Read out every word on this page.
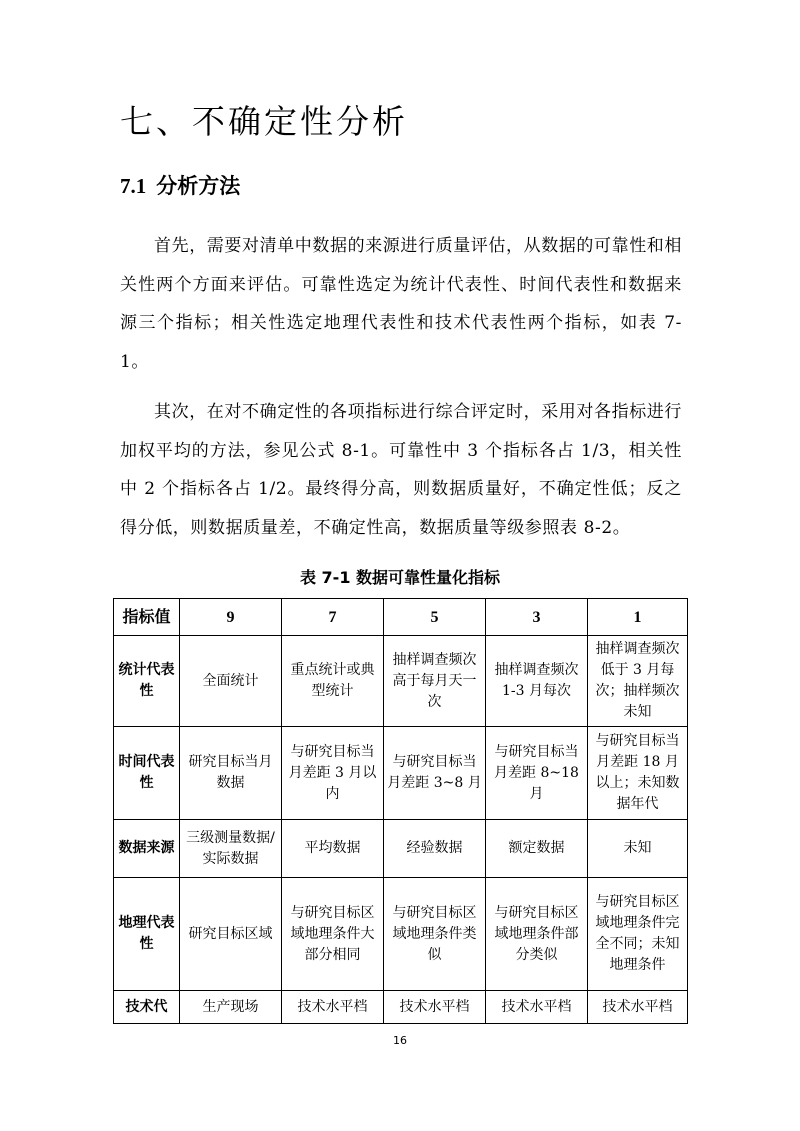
七、不确定性分析
7.1 分析方法

首先，需要对清单中数据的来源进行质量评估，从数据的可靠性和相关性两个方面来评估。可靠性选定为统计代表性、时间代表性和数据来源三个指标；相关性选定地理代表性和技术代表性两个指标，如表 7-1。

其次，在对不确定性的各项指标进行综合评定时，采用对各指标进行加权平均的方法，参见公式 8-1。可靠性中 3 个指标各占 1/3，相关性中 2 个指标各占 1/2。最终得分高，则数据质量好，不确定性低；反之得分低，则数据质量差，不确定性高，数据质量等级参照表 8-2。

表 7-1 数据可靠性量化指标

指标值	9	7	5	3	1
统计代表性	全面统计	重点统计或典型统计	抽样调查频次高于每月天一次	抽样调查频次 1-3 月每次	抽样调查频次低于 3 月每次；抽样频次未知
时间代表性	研究目标当月数据	与研究目标当月差距 3 月以内	与研究目标当月差距 3~8 月	与研究目标当月差距 8~18 月	与研究目标当月差距 18 月以上；未知数据年代
数据来源	三级测量数据/实际数据	平均数据	经验数据	额定数据	未知
地理代表性	研究目标区域	与研究目标区域地理条件大部分相同	与研究目标区域地理条件类似	与研究目标区域地理条件部分类似	与研究目标区域地理条件完全不同；未知地理条件
技术代	生产现场	技术水平档	技术水平档	技术水平档	技术水平档
16
